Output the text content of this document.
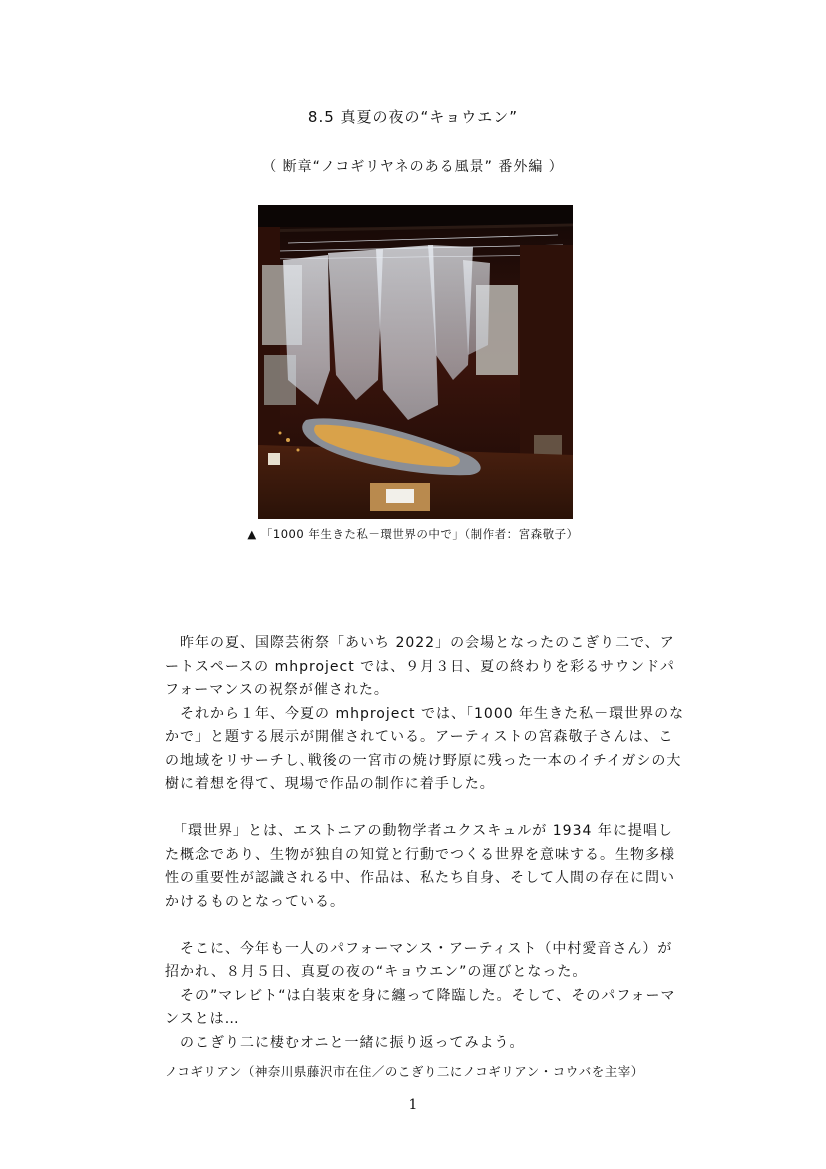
8.5 真夏の夜の“キョウエン”
（ 断章“ノコギリヤネのある風景” 番外編 ）
▲ 「1000 年生きた私－環世界の中で」（制作者：宮森敬子）

　昨年の夏、国際芸術祭「あいち 2022」の会場となったのこぎり二で、アートスペースの mhproject では、９月３日、夏の終わりを彩るサウンドパフォーマンスの祝祭が催された。

　それから１年、今夏の mhproject では、「1000 年生きた私－環世界のなかで」と題する展示が開催されている。アーティストの宮森敬子さんは、この地域をリサーチし､戦後の一宮市の焼け野原に残った一本のイチイガシの大樹に着想を得て、現場で作品の制作に着手した。

　「環世界」とは、エストニアの動物学者ユクスキュルが 1934 年に提唱した概念であり、生物が独自の知覚と行動でつくる世界を意味する。生物多様性の重要性が認識される中、作品は、私たち自身、そして人間の存在に問いかけるものとなっている。

　そこに、今年も一人のパフォーマンス・アーティスト（中村愛音さん）が招かれ、８月５日、真夏の夜の“キョウエン”の運びとなった。

　その”マレビト“は白装束を身に纏って降臨した。そして、そのパフォーマンスとは…

　のこぎり二に棲むオニと一緒に振り返ってみよう。

ノコギリアン（神奈川県藤沢市在住／のこぎり二にノコギリアン・コウバを主宰）
1
